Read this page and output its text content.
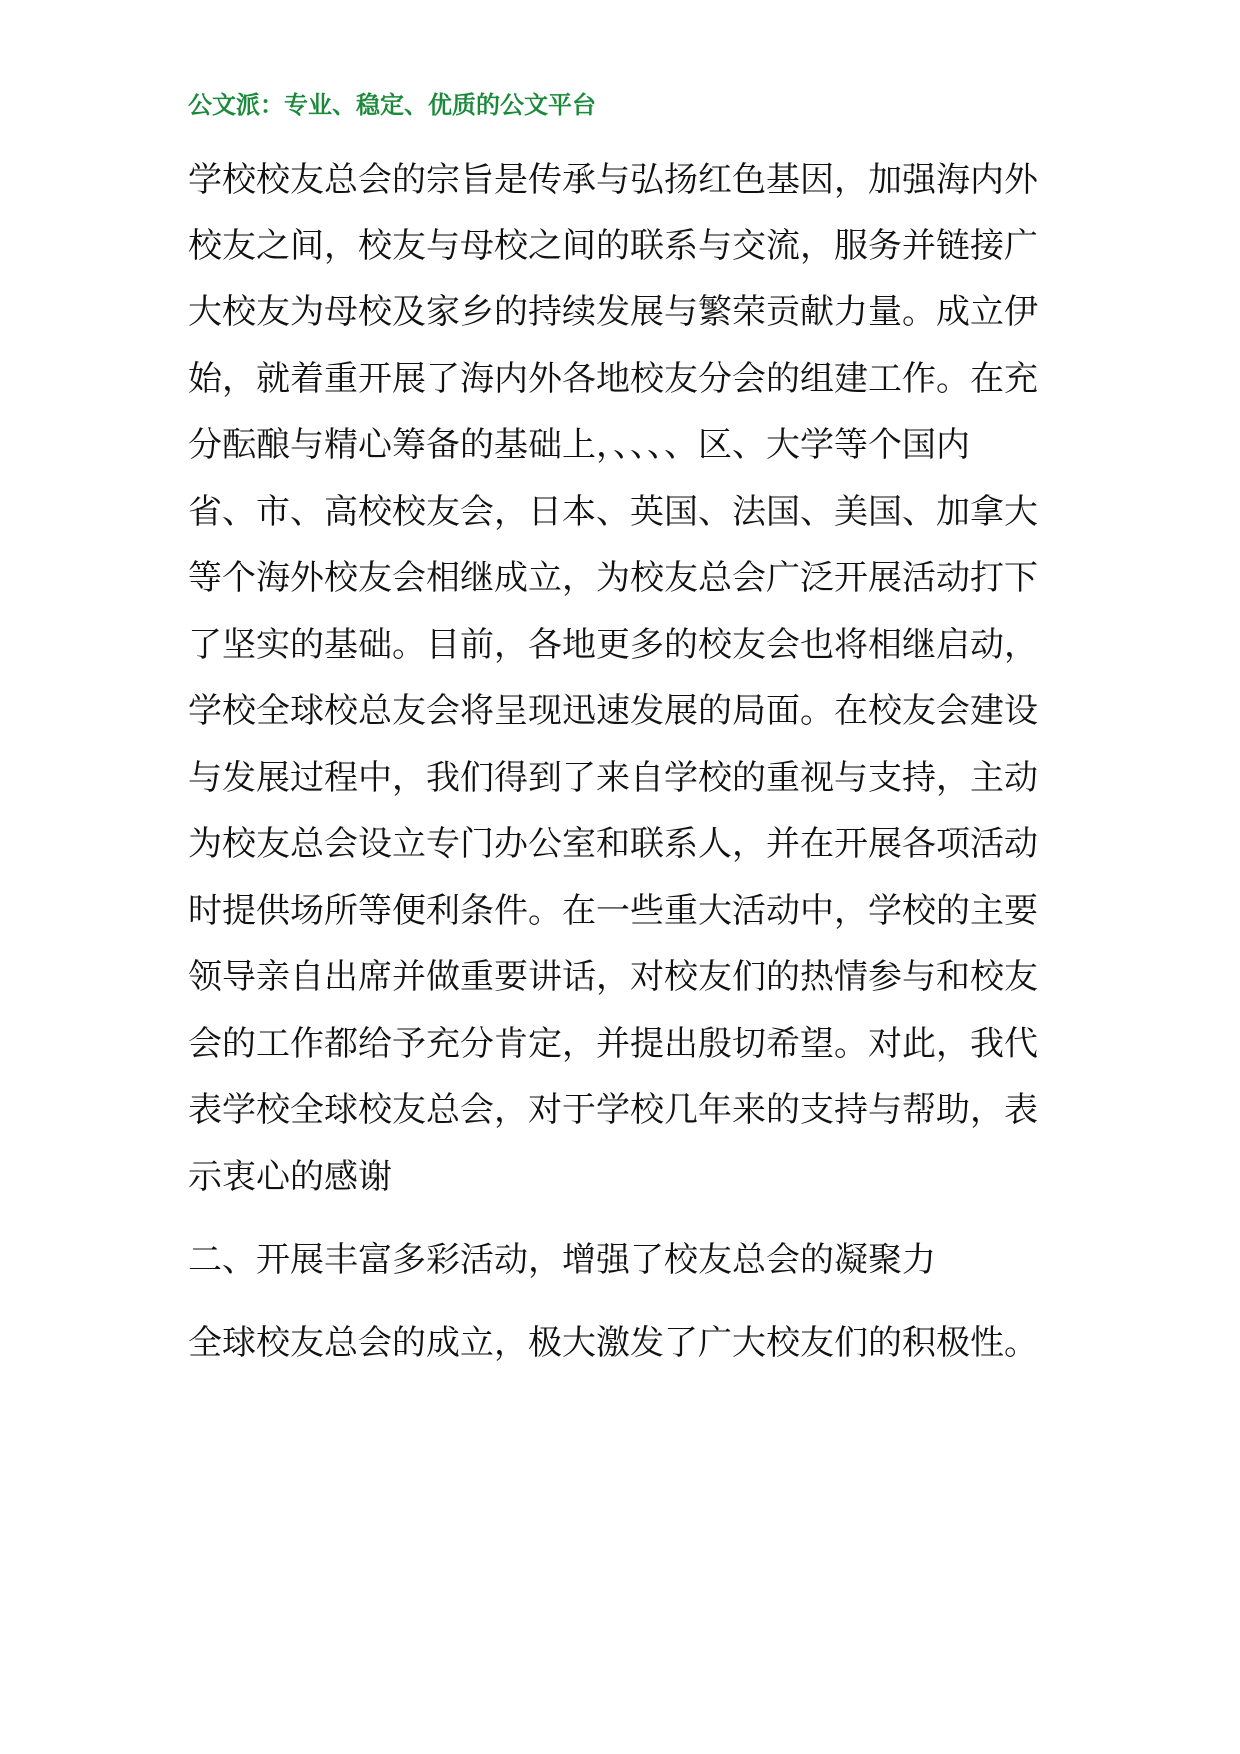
公文派：专业、稳定、优质的公文平台
学校校友总会的宗旨是传承与弘扬红色基因，加强海内外
校友之间，校友与母校之间的联系与交流，服务并链接广
大校友为母校及家乡的持续发展与繁荣贡献力量。成立伊
始，就着重开展了海内外各地校友分会的组建工作。在充
分酝酿与精心筹备的基础上，、、、、区、大学等个国内
省、市、高校校友会，日本、英国、法国、美国、加拿大
等个海外校友会相继成立，为校友总会广泛开展活动打下
了坚实的基础。目前，各地更多的校友会也将相继启动，
学校全球校总友会将呈现迅速发展的局面。在校友会建设
与发展过程中，我们得到了来自学校的重视与支持，主动
为校友总会设立专门办公室和联系人，并在开展各项活动
时提供场所等便利条件。在一些重大活动中，学校的主要
领导亲自出席并做重要讲话，对校友们的热情参与和校友
会的工作都给予充分肯定，并提出殷切希望。对此，我代
表学校全球校友总会，对于学校几年来的支持与帮助，表
示衷心的感谢
二、开展丰富多彩活动，增强了校友总会的凝聚力
全球校友总会的成立，极大激发了广大校友们的积极性。
